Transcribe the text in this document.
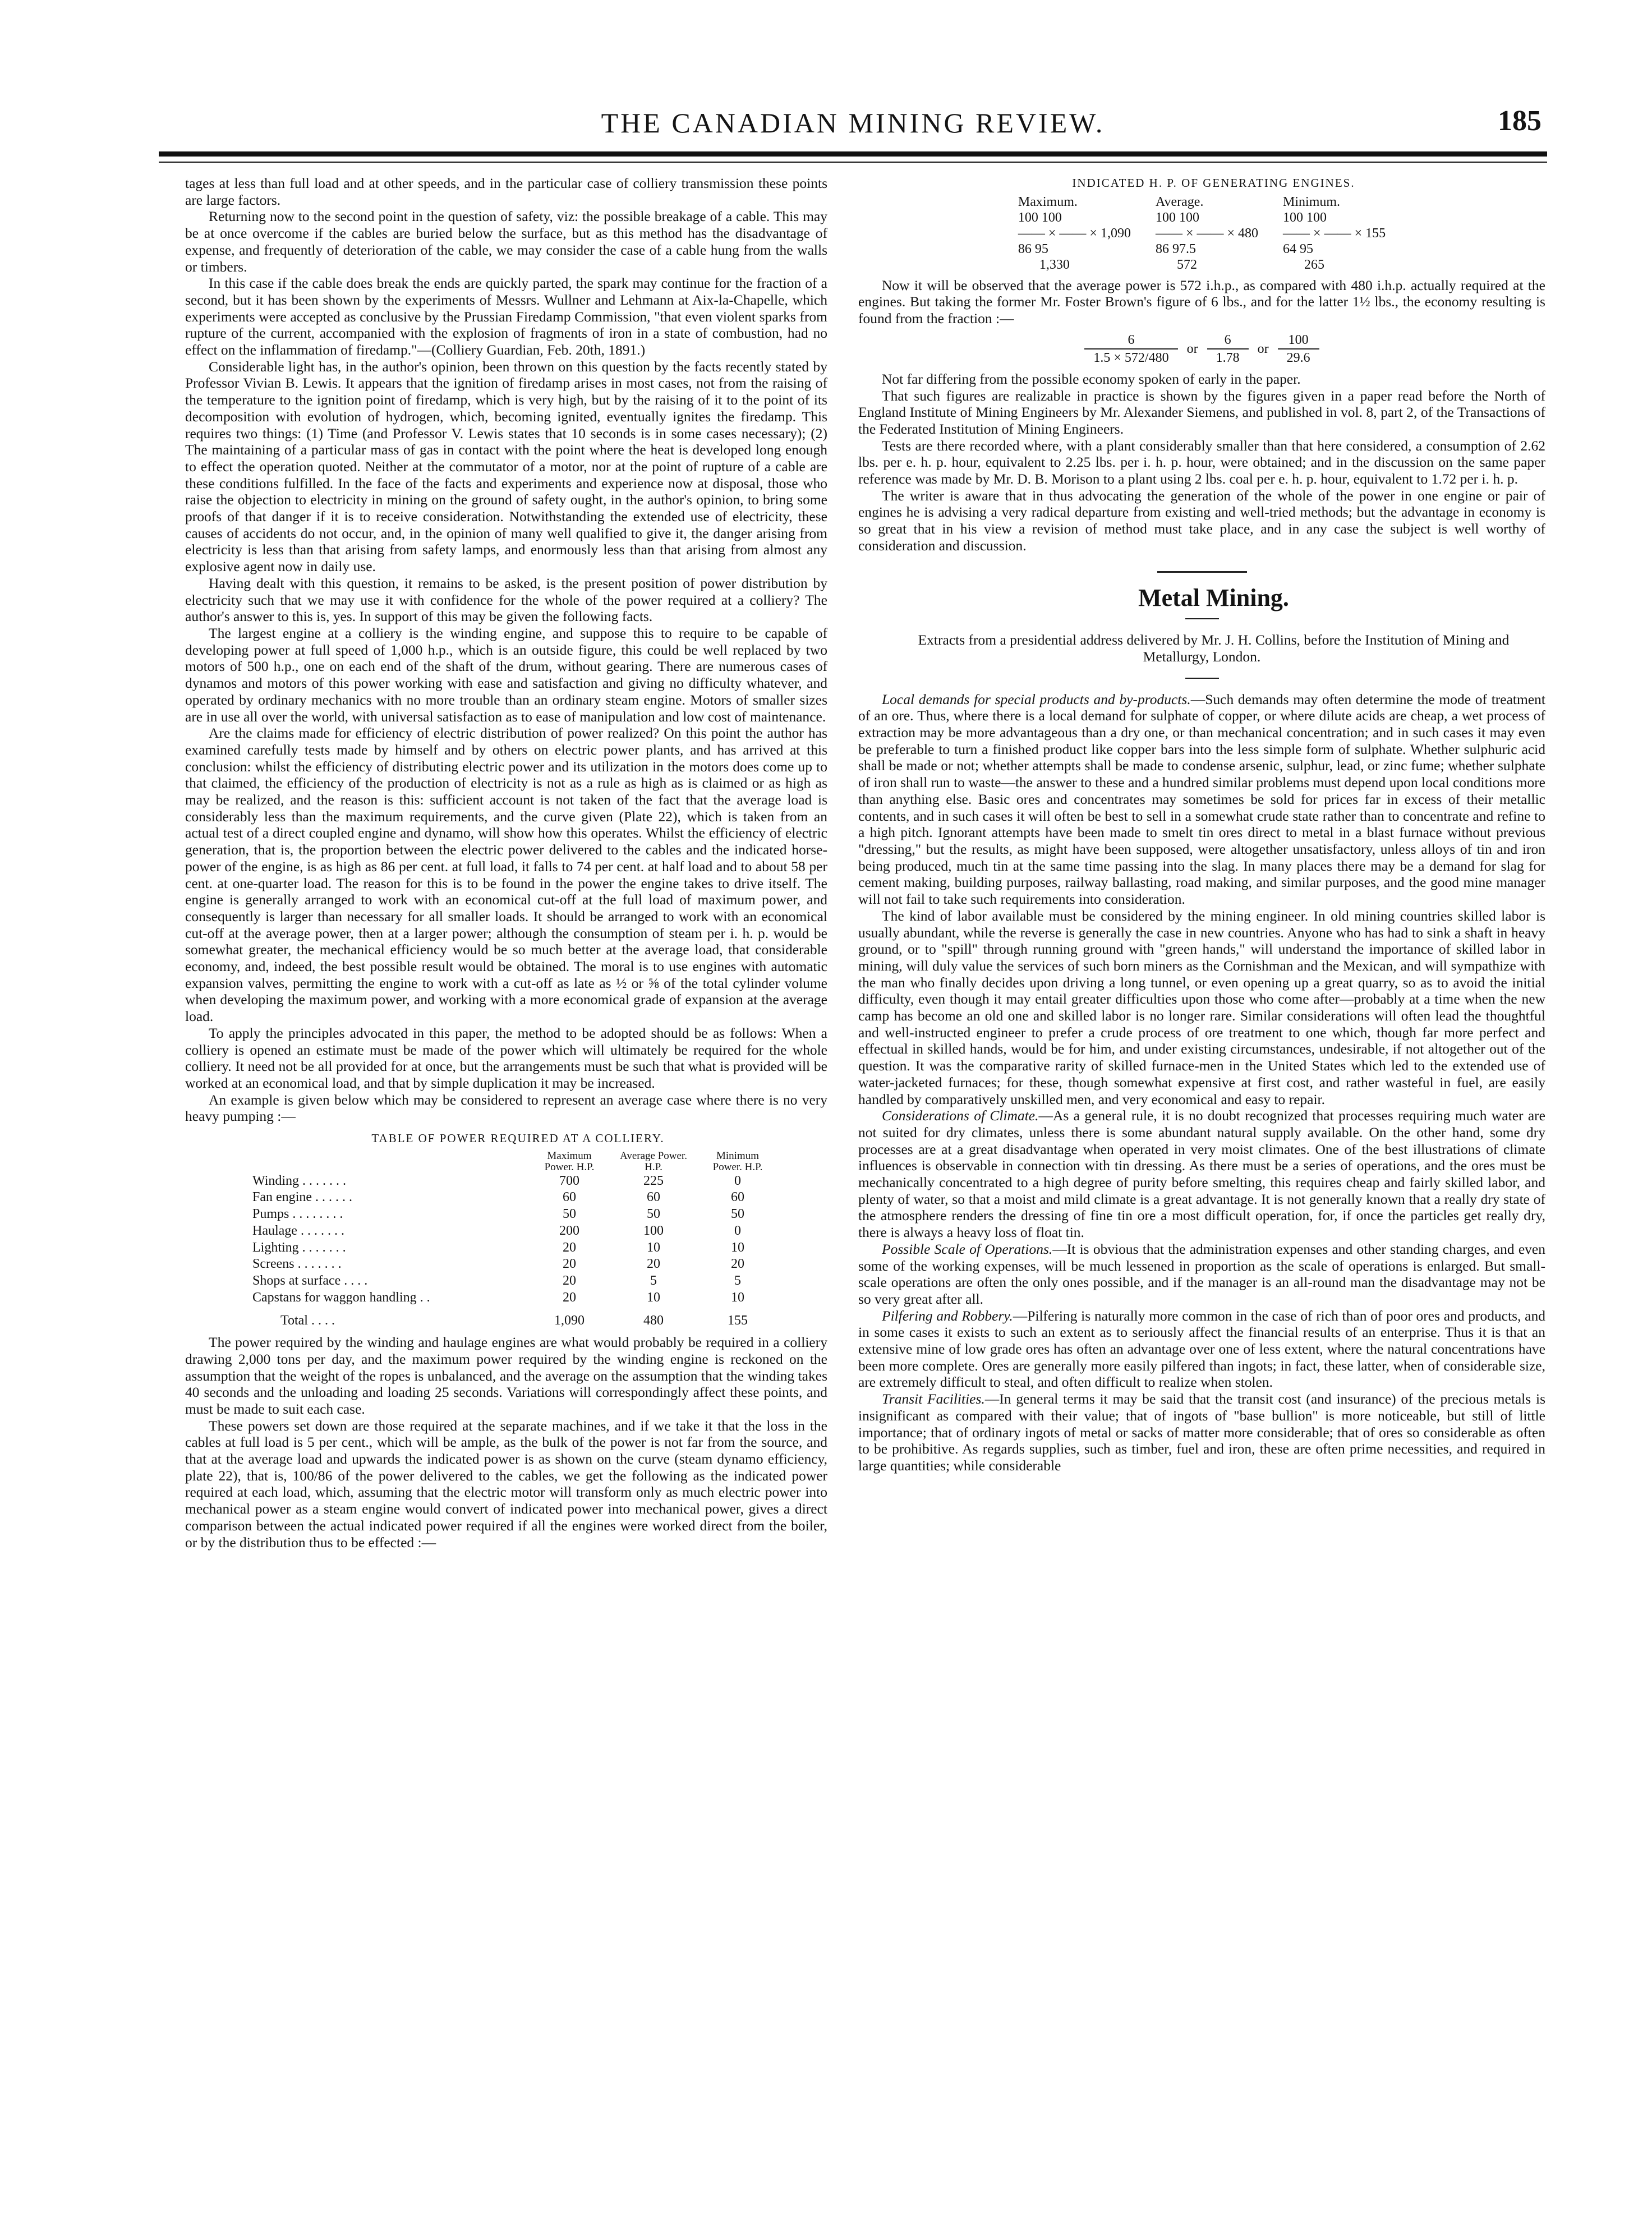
THE CANADIAN MINING REVIEW.	185

tages at less than full load and at other speeds, and in the particular case of colliery transmission these points are large factors.

Returning now to the second point in the question of safety, viz: the possible breakage of a cable. This may be at once overcome if the cables are buried below the surface, but as this method has the disadvantage of expense, and frequently of deterioration of the cable, we may consider the case of a cable hung from the walls or timbers.

In this case if the cable does break the ends are quickly parted, the spark may continue for the fraction of a second, but it has been shown by the experiments of Messrs. Wullner and Lehmann at Aix-la-Chapelle, which experiments were accepted as conclusive by the Prussian Firedamp Commission, "that even violent sparks from rupture of the current, accompanied with the explosion of fragments of iron in a state of combustion, had no effect on the inflammation of firedamp."—(Colliery Guardian, Feb. 20th, 1891.)

Considerable light has, in the author's opinion, been thrown on this question by the facts recently stated by Professor Vivian B. Lewis. It appears that the ignition of firedamp arises in most cases, not from the raising of the temperature to the ignition point of firedamp, which is very high, but by the raising of it to the point of its decomposition with evolution of hydrogen, which, becoming ignited, eventually ignites the firedamp. This requires two things: (1) Time (and Professor V. Lewis states that 10 seconds is in some cases necessary); (2) The maintaining of a particular mass of gas in contact with the point where the heat is developed long enough to effect the operation quoted. Neither at the commutator of a motor, nor at the point of rupture of a cable are these conditions fulfilled. In the face of the facts and experiments and experience now at disposal, those who raise the objection to electricity in mining on the ground of safety ought, in the author's opinion, to bring some proofs of that danger if it is to receive consideration. Notwithstanding the extended use of electricity, these causes of accidents do not occur, and, in the opinion of many well qualified to give it, the danger arising from electricity is less than that arising from safety lamps, and enormously less than that arising from almost any explosive agent now in daily use.

Having dealt with this question, it remains to be asked, is the present position of power distribution by electricity such that we may use it with confidence for the whole of the power required at a colliery? The author's answer to this is, yes. In support of this may be given the following facts.

The largest engine at a colliery is the winding engine, and suppose this to require to be capable of developing power at full speed of 1,000 h.p., which is an outside figure, this could be well replaced by two motors of 500 h.p., one on each end of the shaft of the drum, without gearing. There are numerous cases of dynamos and motors of this power working with ease and satisfaction and giving no difficulty whatever, and operated by ordinary mechanics with no more trouble than an ordinary steam engine. Motors of smaller sizes are in use all over the world, with universal satisfaction as to ease of manipulation and low cost of maintenance.

Are the claims made for efficiency of electric distribution of power realized? On this point the author has examined carefully tests made by himself and by others on electric power plants, and has arrived at this conclusion: whilst the efficiency of distributing electric power and its utilization in the motors does come up to that claimed, the efficiency of the production of electricity is not as a rule as high as is claimed or as high as may be realized, and the reason is this: sufficient account is not taken of the fact that the average load is considerably less than the maximum requirements, and the curve given (Plate 22), which is taken from an actual test of a direct coupled engine and dynamo, will show how this operates. Whilst the efficiency of electric generation, that is, the proportion between the electric power delivered to the cables and the indicated horse-power of the engine, is as high as 86 per cent. at full load, it falls to 74 per cent. at half load and to about 58 per cent. at one-quarter load. The reason for this is to be found in the power the engine takes to drive itself. The engine is generally arranged to work with an economical cut-off at the full load of maximum power, and consequently is larger than necessary for all smaller loads. It should be arranged to work with an economical cut-off at the average power, then at a larger power; although the consumption of steam per i. h. p. would be somewhat greater, the mechanical efficiency would be so much better at the average load, that considerable economy, and, indeed, the best possible result would be obtained. The moral is to use engines with automatic expansion valves, permitting the engine to work with a cut-off as late as ½ or ⅝ of the total cylinder volume when developing the maximum power, and working with a more economical grade of expansion at the average load.

To apply the principles advocated in this paper, the method to be adopted should be as follows: When a colliery is opened an estimate must be made of the power which will ultimately be required for the whole colliery. It need not be all provided for at once, but the arrangements must be such that what is provided will be worked at an economical load, and that by simple duplication it may be increased.

An example is given below which may be considered to represent an average case where there is no very heavy pumping :—

TABLE OF POWER REQUIRED AT A COLLIERY.

	Maximum Power. H.P.	Average Power. H.P.	Minimum Power. H.P.
Winding . . . . . . .	700	225	0
Fan engine . . . . . .	60	60	60
Pumps . . . . . . . .	50	50	50
Haulage . . . . . . .	200	100	0
Lighting . . . . . . .	20	10	10
Screens . . . . . . .	20	20	20
Shops at surface . . . .	20	5	5
Capstans for waggon handling . .	20	10	10
Total . . . .	1,090	480	155

The power required by the winding and haulage engines are what would probably be required in a colliery drawing 2,000 tons per day, and the maximum power required by the winding engine is reckoned on the assumption that the weight of the ropes is unbalanced, and the average on the assumption that the winding takes 40 seconds and the unloading and loading 25 seconds. Variations will correspondingly affect these points, and must be made to suit each case.

These powers set down are those required at the separate machines, and if we take it that the loss in the cables at full load is 5 per cent., which will be ample, as the bulk of the power is not far from the source, and that at the average load and upwards the indicated power is as shown on the curve (steam dynamo efficiency, plate 22), that is, 100/86 of the power delivered to the cables, we get the following as the indicated power required at each load, which, assuming that the electric motor will transform only as much electric power into mechanical power as a steam engine would convert of indicated power into mechanical power, gives a direct comparison between the actual indicated power required if all the engines were worked direct from the boiler, or by the distribution thus to be effected :—

INDICATED H. P. OF GENERATING ENGINES.

Maximum.	Average.	Minimum.
100 100	100 100	100 100
—— × —— × 1,090	—— × —— × 480	—— × —— × 155
86 95	86 97.5	64 95
1,330	572	265

Now it will be observed that the average power is 572 i.h.p., as compared with 480 i.h.p. actually required at the engines. But taking the former Mr. Foster Brown's figure of 6 lbs., and for the latter 1½ lbs., the economy resulting is found from the fraction :—

6	or	6	or	100
1.5 × 572/480		1.78		29.6

Not far differing from the possible economy spoken of early in the paper.

That such figures are realizable in practice is shown by the figures given in a paper read before the North of England Institute of Mining Engineers by Mr. Alexander Siemens, and published in vol. 8, part 2, of the Transactions of the Federated Institution of Mining Engineers.

Tests are there recorded where, with a plant considerably smaller than that here considered, a consumption of 2.62 lbs. per e. h. p. hour, equivalent to 2.25 lbs. per i. h. p. hour, were obtained; and in the discussion on the same paper reference was made by Mr. D. B. Morison to a plant using 2 lbs. coal per e. h. p. hour, equivalent to 1.72 per i. h. p.

The writer is aware that in thus advocating the generation of the whole of the power in one engine or pair of engines he is advising a very radical departure from existing and well-tried methods; but the advantage in economy is so great that in his view a revision of method must take place, and in any case the subject is well worthy of consideration and discussion.

Metal Mining.

Extracts from a presidential address delivered by Mr. J. H. Collins, before the Institution of Mining and Metallurgy, London.

Local demands for special products and by-products.—Such demands may often determine the mode of treatment of an ore. Thus, where there is a local demand for sulphate of copper, or where dilute acids are cheap, a wet process of extraction may be more advantageous than a dry one, or than mechanical concentration; and in such cases it may even be preferable to turn a finished product like copper bars into the less simple form of sulphate. Whether sulphuric acid shall be made or not; whether attempts shall be made to condense arsenic, sulphur, lead, or zinc fume; whether sulphate of iron shall run to waste—the answer to these and a hundred similar problems must depend upon local conditions more than anything else. Basic ores and concentrates may sometimes be sold for prices far in excess of their metallic contents, and in such cases it will often be best to sell in a somewhat crude state rather than to concentrate and refine to a high pitch. Ignorant attempts have been made to smelt tin ores direct to metal in a blast furnace without previous "dressing," but the results, as might have been supposed, were altogether unsatisfactory, unless alloys of tin and iron being produced, much tin at the same time passing into the slag. In many places there may be a demand for slag for cement making, building purposes, railway ballasting, road making, and similar purposes, and the good mine manager will not fail to take such requirements into consideration.

The kind of labor available must be considered by the mining engineer. In old mining countries skilled labor is usually abundant, while the reverse is generally the case in new countries. Anyone who has had to sink a shaft in heavy ground, or to "spill" through running ground with "green hands," will understand the importance of skilled labor in mining, will duly value the services of such born miners as the Cornishman and the Mexican, and will sympathize with the man who finally decides upon driving a long tunnel, or even opening up a great quarry, so as to avoid the initial difficulty, even though it may entail greater difficulties upon those who come after—probably at a time when the new camp has become an old one and skilled labor is no longer rare. Similar considerations will often lead the thoughtful and well-instructed engineer to prefer a crude process of ore treatment to one which, though far more perfect and effectual in skilled hands, would be for him, and under existing circumstances, undesirable, if not altogether out of the question. It was the comparative rarity of skilled furnace-men in the United States which led to the extended use of water-jacketed furnaces; for these, though somewhat expensive at first cost, and rather wasteful in fuel, are easily handled by comparatively unskilled men, and very economical and easy to repair.

Considerations of Climate.—As a general rule, it is no doubt recognized that processes requiring much water are not suited for dry climates, unless there is some abundant natural supply available. On the other hand, some dry processes are at a great disadvantage when operated in very moist climates. One of the best illustrations of climate influences is observable in connection with tin dressing. As there must be a series of operations, and the ores must be mechanically concentrated to a high degree of purity before smelting, this requires cheap and fairly skilled labor, and plenty of water, so that a moist and mild climate is a great advantage. It is not generally known that a really dry state of the atmosphere renders the dressing of fine tin ore a most difficult operation, for, if once the particles get really dry, there is always a heavy loss of float tin.

Possible Scale of Operations.—It is obvious that the administration expenses and other standing charges, and even some of the working expenses, will be much lessened in proportion as the scale of operations is enlarged. But small-scale operations are often the only ones possible, and if the manager is an all-round man the disadvantage may not be so very great after all.

Pilfering and Robbery.—Pilfering is naturally more common in the case of rich than of poor ores and products, and in some cases it exists to such an extent as to seriously affect the financial results of an enterprise. Thus it is that an extensive mine of low grade ores has often an advantage over one of less extent, where the natural concentrations have been more complete. Ores are generally more easily pilfered than ingots; in fact, these latter, when of considerable size, are extremely difficult to steal, and often difficult to realize when stolen.

Transit Facilities.—In general terms it may be said that the transit cost (and insurance) of the precious metals is insignificant as compared with their value; that of ingots of "base bullion" is more noticeable, but still of little importance; that of ordinary ingots of metal or sacks of matter more considerable; that of ores so considerable as often to be prohibitive. As regards supplies, such as timber, fuel and iron, these are often prime necessities, and required in large quantities; while considerable
